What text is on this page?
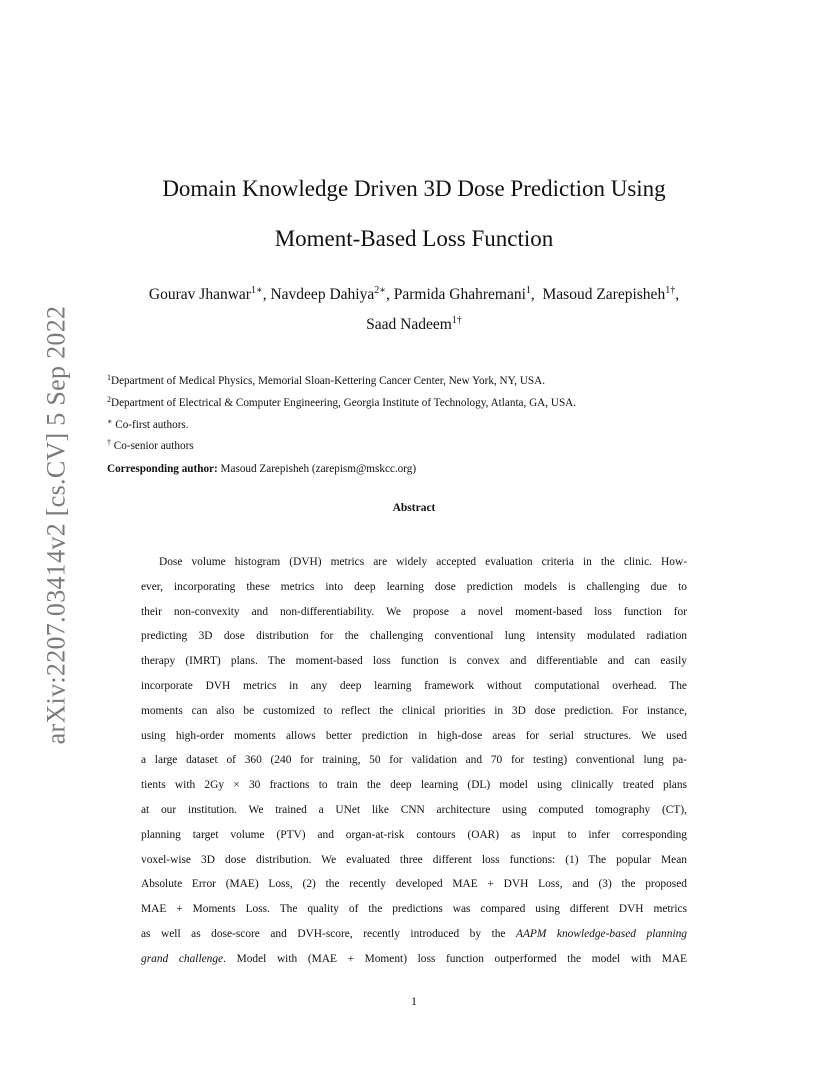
arXiv:2207.03414v2 [cs.CV] 5 Sep 2022
Domain Knowledge Driven 3D Dose Prediction Using
Moment-Based Loss Function
Gourav Jhanwar$^{1∗}$, Navdeep Dahiya$^{2∗}$, Parmida Ghahremani$^1$,  Masoud Zarepisheh$^{1\dagger}$,
Saad Nadeem$^{1\dagger}$
$^1$Department of Medical Physics, Memorial Sloan-Kettering Cancer Center, New York, NY, USA.
$^2$Department of Electrical & Computer Engineering, Georgia Institute of Technology, Atlanta, GA, USA.
∗ Co-first authors.
† Co-senior authors
Corresponding author: Masoud Zarepisheh (zarepism@mskcc.org)
Abstract
Dose volume histogram (DVH) metrics are widely accepted evaluation criteria in the clinic. How-
ever, incorporating these metrics into deep learning dose prediction models is challenging due to
their non-convexity and non-differentiability. We propose a novel moment-based loss function for
predicting 3D dose distribution for the challenging conventional lung intensity modulated radiation
therapy (IMRT) plans. The moment-based loss function is convex and differentiable and can easily
incorporate DVH metrics in any deep learning framework without computational overhead. The
moments can also be customized to reflect the clinical priorities in 3D dose prediction. For instance,
using high-order moments allows better prediction in high-dose areas for serial structures. We used
a large dataset of 360 (240 for training, 50 for validation and 70 for testing) conventional lung pa-
tients with 2Gy × 30 fractions to train the deep learning (DL) model using clinically treated plans
at our institution. We trained a UNet like CNN architecture using computed tomography (CT),
planning target volume (PTV) and organ-at-risk contours (OAR) as input to infer corresponding
voxel-wise 3D dose distribution. We evaluated three different loss functions: (1) The popular Mean
Absolute Error (MAE) Loss, (2) the recently developed MAE + DVH Loss, and (3) the proposed
MAE + Moments Loss. The quality of the predictions was compared using different DVH metrics
as well as dose-score and DVH-score, recently introduced by the AAPM knowledge-based planning
grand challenge. Model with (MAE + Moment) loss function outperformed the model with MAE
1
